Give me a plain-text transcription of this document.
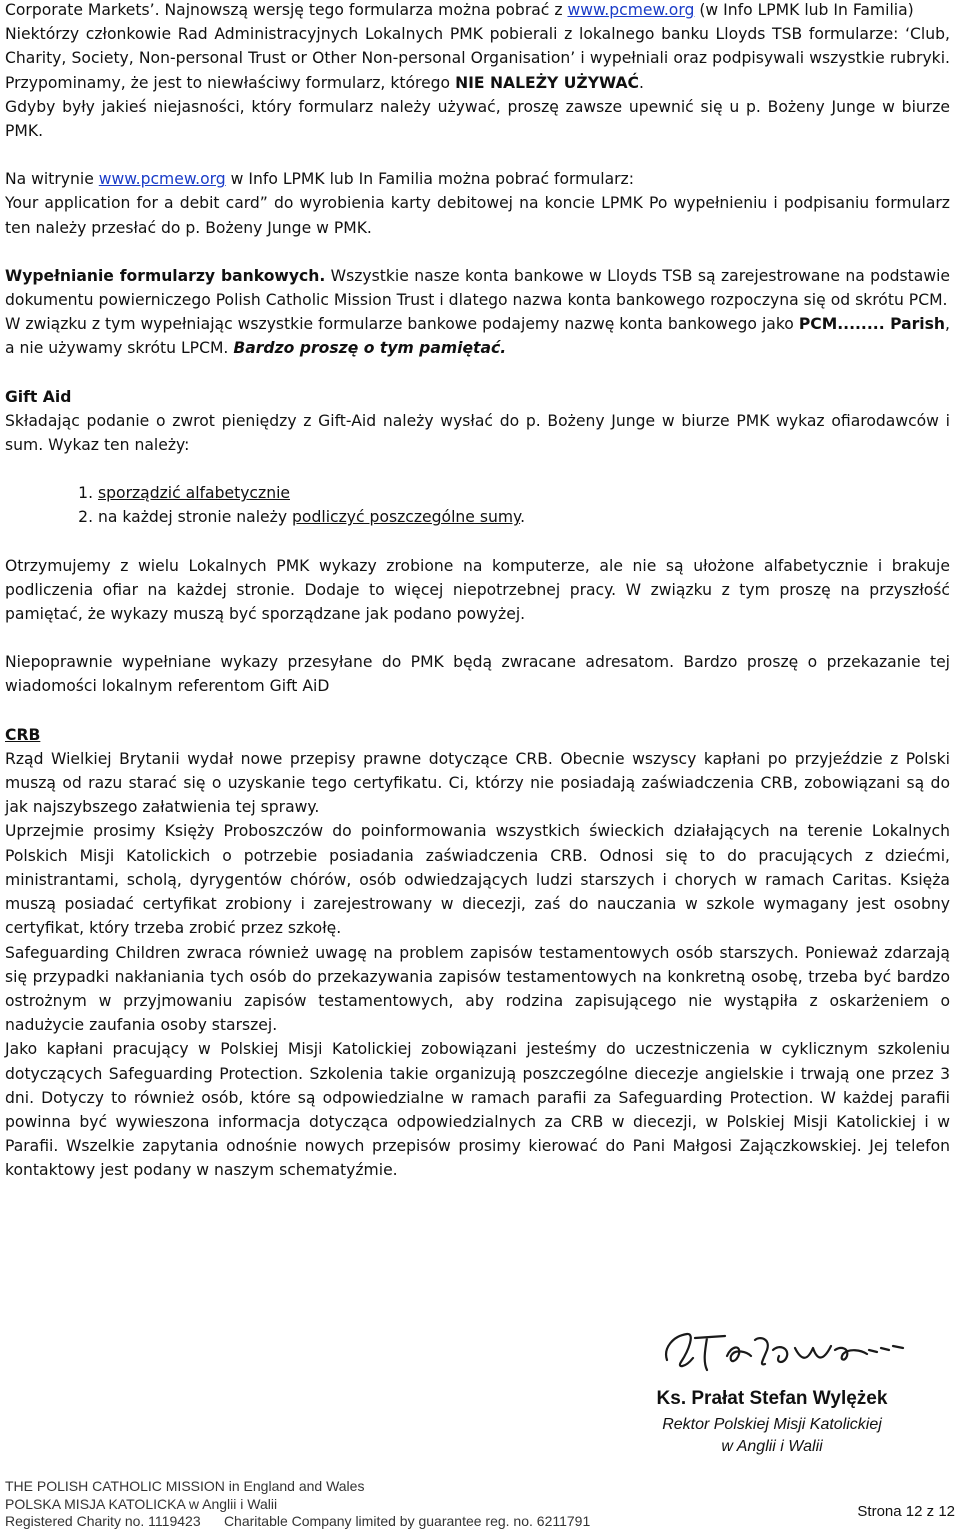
Corporate Markets’. Najnowszą wersję tego formularza można pobrać z www.pcmew.org (w Info LPMK lub In Familia)

Niektórzy członkowie Rad Administracyjnych Lokalnych PMK pobierali z lokalnego banku Lloyds TSB formularze: ‘Club, Charity, Society, Non-personal Trust or Other Non-personal Organisation’ i wypełniali oraz podpisywali wszystkie rubryki. Przypominamy, że jest to niewłaściwy formularz, którego NIE NALEŻY UŻYWAĆ.

Gdyby były jakieś niejasności, który formularz należy używać, proszę zawsze upewnić się u p. Bożeny Junge w biurze PMK.

Na witrynie www.pcmew.org w Info LPMK lub In Familia można pobrać formularz:

Your application for a debit card” do wyrobienia karty debitowej na koncie LPMK Po wypełnieniu i podpisaniu formularz ten należy przesłać do p. Bożeny Junge w PMK.

Wypełnianie formularzy bankowych. Wszystkie nasze konta bankowe w Lloyds TSB są zarejestrowane na podstawie dokumentu powierniczego Polish Catholic Mission Trust i dlatego nazwa konta bankowego rozpoczyna się od skrótu PCM.

W związku z tym wypełniając wszystkie formularze bankowe podajemy nazwę konta bankowego jako PCM........ Parish, a nie używamy skrótu LPCM. Bardzo proszę o tym pamiętać.

Gift Aid

Składając podanie o zwrot pieniędzy z Gift-Aid należy wysłać do p. Bożeny Junge w biurze PMK wykaz ofiarodawców i sum. Wykaz ten należy:

1. sporządzić alfabetycznie
2. na każdej stronie należy podliczyć poszczególne sumy.

Otrzymujemy z wielu Lokalnych PMK wykazy zrobione na komputerze, ale nie są ułożone alfabetycznie i brakuje podliczenia ofiar na każdej stronie. Dodaje to więcej niepotrzebnej pracy. W związku z tym proszę na przyszłość pamiętać, że wykazy muszą być sporządzane jak podano powyżej.

Niepoprawnie wypełniane wykazy przesyłane do PMK będą zwracane adresatom. Bardzo proszę o przekazanie tej wiadomości lokalnym referentom Gift AiD

CRB

Rząd Wielkiej Brytanii wydał nowe przepisy prawne dotyczące CRB. Obecnie wszyscy kapłani po przyjeździe z Polski muszą od razu starać się o uzyskanie tego certyfikatu. Ci, którzy nie posiadają zaświadczenia CRB, zobowiązani są do jak najszybszego załatwienia tej sprawy.

Uprzejmie prosimy Księży Proboszczów do poinformowania wszystkich świeckich działających na terenie Lokalnych Polskich Misji Katolickich o potrzebie posiadania zaświadczenia CRB. Odnosi się to do pracujących z dziećmi, ministrantami, scholą, dyrygentów chórów, osób odwiedzających ludzi starszych i chorych w ramach Caritas. Księża muszą posiadać certyfikat zrobiony i zarejestrowany w diecezji, zaś do nauczania w szkole wymagany jest osobny certyfikat, który trzeba zrobić przez szkołę.

Safeguarding Children zwraca również uwagę na problem zapisów testamentowych osób starszych. Ponieważ zdarzają się przypadki nakłaniania tych osób do przekazywania zapisów testamentowych na konkretną osobę, trzeba być bardzo ostrożnym w przyjmowaniu zapisów testamentowych, aby rodzina zapisującego nie wystąpiła z oskarżeniem o nadużycie zaufania osoby starszej.

Jako kapłani pracujący w Polskiej Misji Katolickiej zobowiązani jesteśmy do uczestniczenia w cyklicznym szkoleniu dotyczących Safeguarding Protection. Szkolenia takie organizują poszczególne diecezje angielskie i trwają one przez 3 dni. Dotyczy to również osób, które są odpowiedzialne w ramach parafii za Safeguarding Protection. W każdej parafii powinna być wywieszona informacja dotycząca odpowiedzialnych za CRB w diecezji, w Polskiej Misji Katolickiej i w Parafii. Wszelkie zapytania odnośnie nowych przepisów prosimy kierować do Pani Małgosi Zajączkowskiej. Jej telefon kontaktowy jest podany w naszym schematyźmie.

Ks. Prałat Stefan Wylężek
Rektor Polskiej Misji Katolickiej
w Anglii i Walii
THE POLISH CATHOLIC MISSION in England and Wales
POLSKA MISJA KATOLICKA w Anglii i Walii
Registered Charity no. 1119423      Charitable Company limited by guarantee reg. no. 6211791
Strona 12 z 12
